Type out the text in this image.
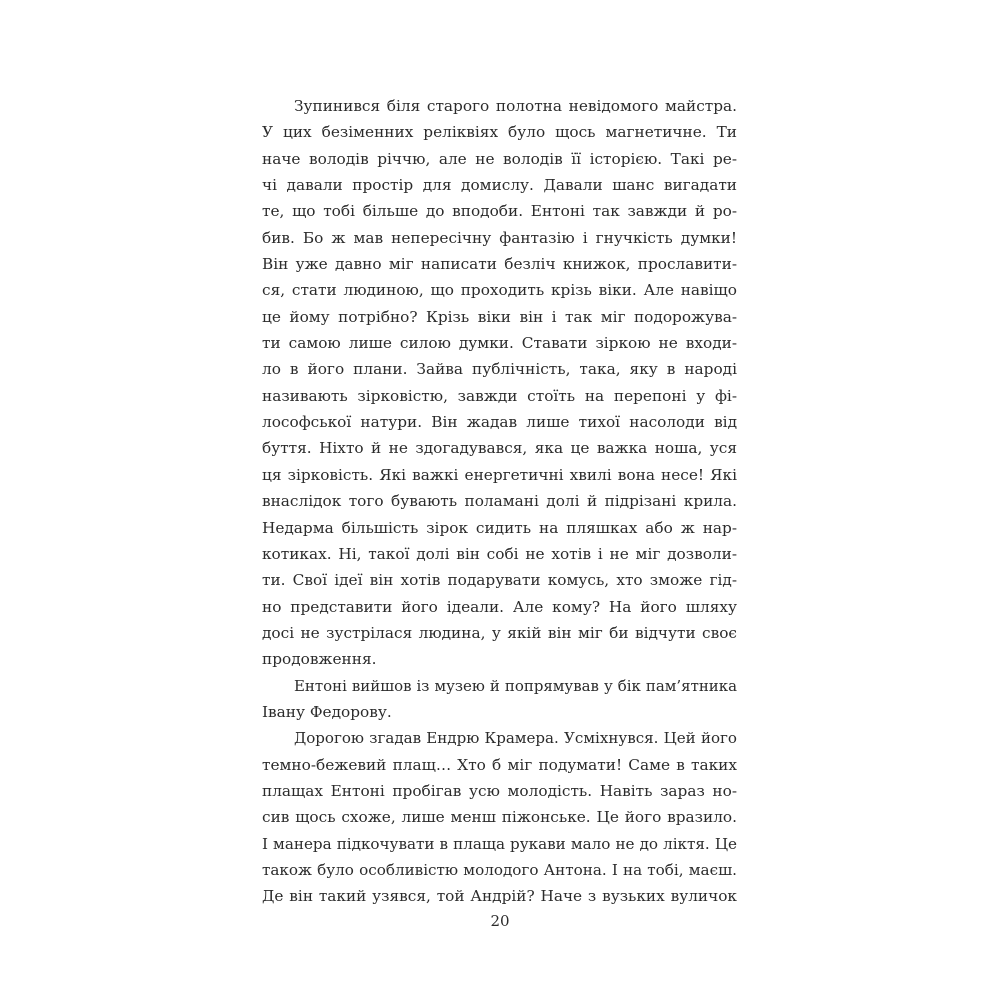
Зупинився біля старого полотна невідомого майстра.
У цих безіменних реліквіях було щось магнетичне. Ти
наче володів річчю, але не володів її історією. Такі ре-
чі давали простір для домислу. Давали шанс вигадати
те, що тобі більше до вподоби. Ентоні так завжди й ро-
бив. Бо ж мав непересічну фантазію і гнучкість думки!
Він уже давно міг написати безліч книжок, прославити-
ся, стати людиною, що проходить крізь віки. Але навіщо
це йому потрібно? Крізь віки він і так міг подорожува-
ти самою лише силою думки. Ставати зіркою не входи-
ло в його плани. Зайва публічність, така, яку в народі
називають зірковістю, завжди стоїть на перепоні у фі-
лософської натури. Він жадав лише тихої насолоди від
буття. Ніхто й не здогадувався, яка це важка ноша, уся
ця зірковість. Які важкі енергетичні хвилі вона несе! Які
внаслідок того бувають поламані долі й підрізані крила.
Недарма більшість зірок сидить на пляшках або ж нар-
котиках. Ні, такої долі він собі не хотів і не міг дозволи-
ти. Свої ідеї він хотів подарувати комусь, хто зможе гід-
но представити його ідеали. Але кому? На його шляху
досі не зустрілася людина, у якій він міг би відчути своє
продовження.
Ентоні вийшов із музею й попрямував у бік пам’ятника
Івану Федорову.
Дорогою згадав Ендрю Крамера. Усміхнувся. Цей його
темно-бежевий плащ… Хто б міг подумати! Саме в таких
плащах Ентоні пробігав усю молодість. Навіть зараз но-
сив щось схоже, лише менш піжонське. Це його вразило.
І манера підкочувати в плаща рукави мало не до ліктя. Це
також було особливістю молодого Антона. І на тобі, маєш.
Де він такий узявся, той Андрій? Наче з вузьких вуличок
20
